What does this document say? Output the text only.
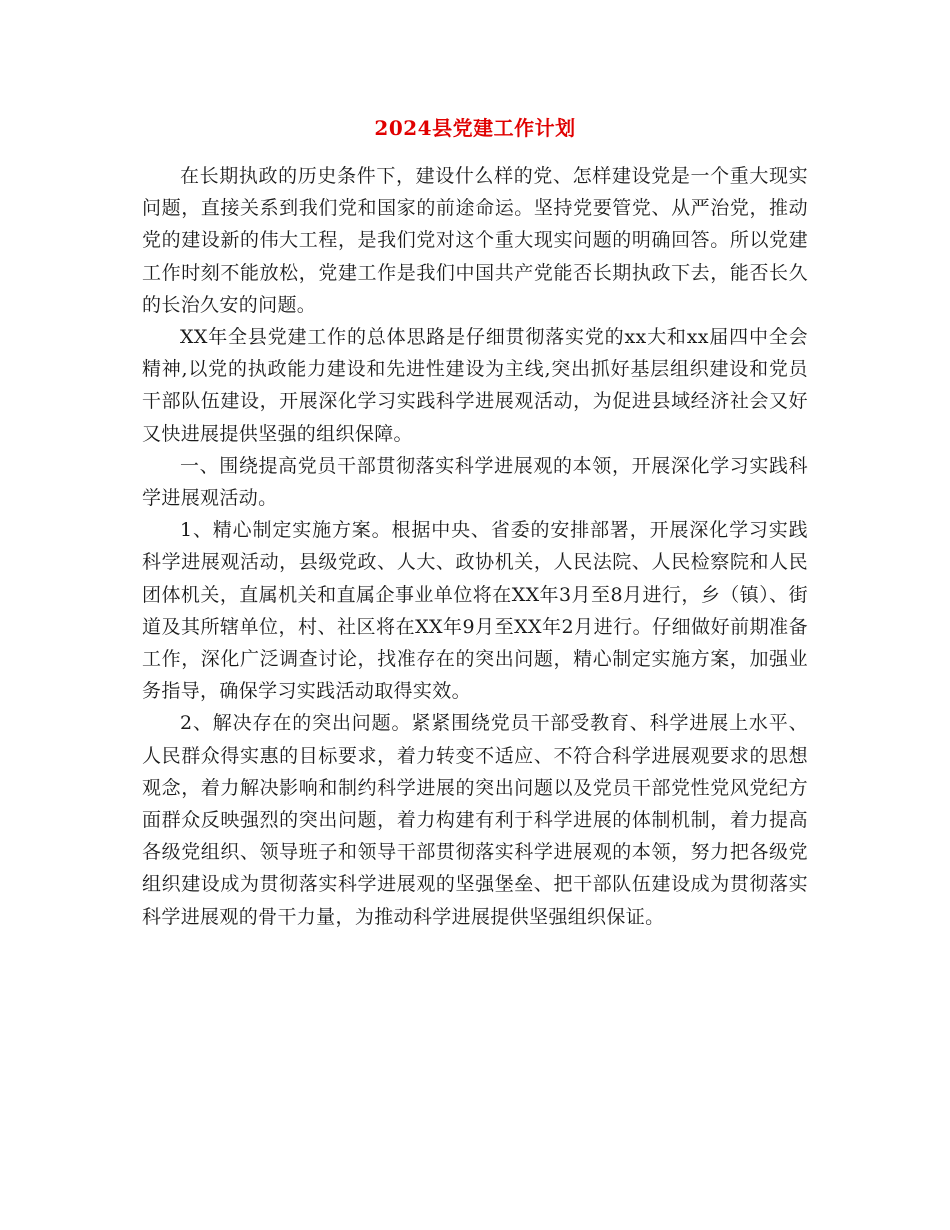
2024县党建工作计划

在长期执政的历史条件下，建设什么样的党、怎样建设党是一个重大现实问题，直接关系到我们党和国家的前途命运。坚持党要管党、从严治党，推动党的建设新的伟大工程，是我们党对这个重大现实问题的明确回答。所以党建工作时刻不能放松，党建工作是我们中国共产党能否长期执政下去，能否长久的长治久安的问题。

XX年全县党建工作的总体思路是仔细贯彻落实党的xx大和xx届四中全会精神,以党的执政能力建设和先进性建设为主线,突出抓好基层组织建设和党员干部队伍建设，开展深化学习实践科学进展观活动，为促进县域经济社会又好又快进展提供坚强的组织保障。

一、围绕提高党员干部贯彻落实科学进展观的本领，开展深化学习实践科学进展观活动。

1、精心制定实施方案。根据中央、省委的安排部署，开展深化学习实践科学进展观活动，县级党政、人大、政协机关，人民法院、人民检察院和人民团体机关，直属机关和直属企事业单位将在XX年3月至8月进行，乡（镇）、街道及其所辖单位，村、社区将在XX年9月至XX年2月进行。仔细做好前期准备工作，深化广泛调查讨论，找准存在的突出问题，精心制定实施方案，加强业务指导，确保学习实践活动取得实效。

2、解决存在的突出问题。紧紧围绕党员干部受教育、科学进展上水平、人民群众得实惠的目标要求，着力转变不适应、不符合科学进展观要求的思想观念，着力解决影响和制约科学进展的突出问题以及党员干部党性党风党纪方面群众反映强烈的突出问题，着力构建有利于科学进展的体制机制，着力提高各级党组织、领导班子和领导干部贯彻落实科学进展观的本领，努力把各级党组织建设成为贯彻落实科学进展观的坚强堡垒、把干部队伍建设成为贯彻落实科学进展观的骨干力量，为推动科学进展提供坚强组织保证。
